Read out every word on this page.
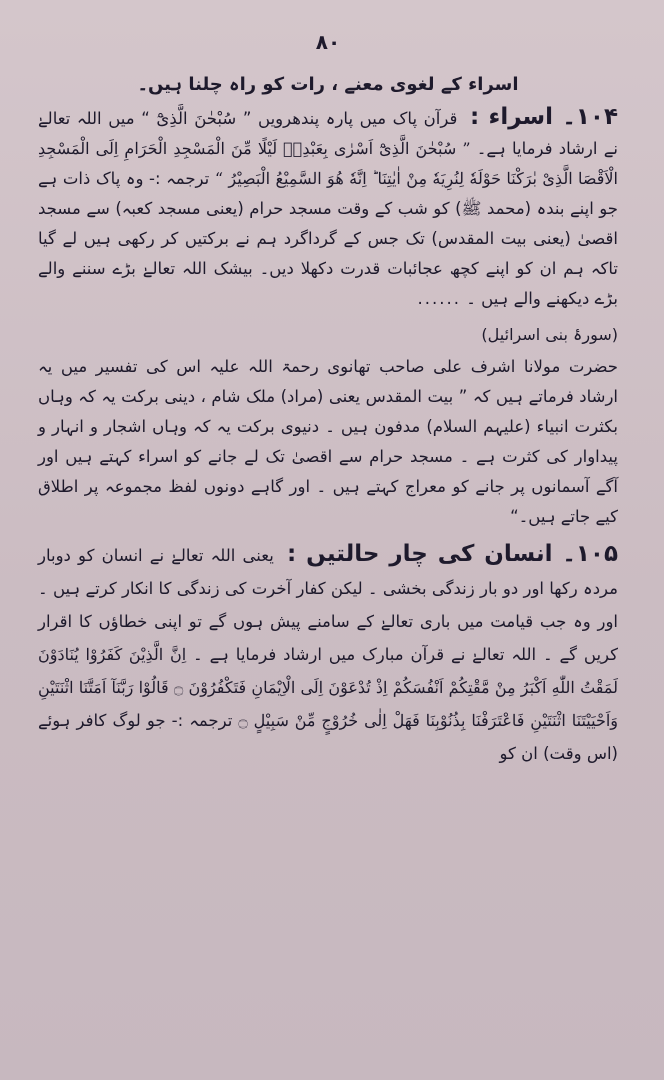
۸۰
اسراء کے لغوی معنے ، رات کو راہ چلنا ہیں۔

۱۰۴۔ اسراء : قرآن پاک میں پارہ پندھرویں ” سُبْحٰنَ الَّذِیْٓ “ میں اللہ تعالےٰ نے ارشاد فرمایا ہے۔ ” سُبْحٰنَ الَّذِیْٓ اَسْرٰی بِعَبْدِهٖ لَیْلًا مِّنَ الْمَسْجِدِ الْحَرَامِ اِلَی الْمَسْجِدِ الْاَقْصَا الَّذِیْ بٰرَكْنَا حَوْلَهٗ لِنُرِیَهٗ مِنْ اٰیٰتِنَا ؕ اِنَّهٗ هُوَ السَّمِیْعُ الْبَصِیْرُ “ ترجمہ :- وہ پاک ذات ہے جو اپنے بندہ (محمد ﷺ) کو شب کے وقت مسجد حرام (یعنی مسجد کعبہ) سے مسجد اقصیٰ (یعنی بیت المقدس) تک جس کے گرداگرد ہم نے برکتیں کر رکھی ہیں لے گیا تاکہ ہم ان کو اپنے کچھ عجائبات قدرت دکھلا دیں۔ بیشک اللہ تعالےٰ بڑے سننے والے بڑے دیکھنے والے ہیں ۔ ......

(سورۂ بنی اسرائیل)

حضرت مولانا اشرف علی صاحب تھانوی رحمۃ اللہ علیہ اس کی تفسیر میں یہ ارشاد فرماتے ہیں کہ ” بیت المقدس یعنی (مراد) ملک شام ، دینی برکت یہ کہ وہاں بکثرت انبیاء (علیہم السلام) مدفون ہیں ۔ دنیوی برکت یہ کہ وہاں اشجار و انہار و پیداوار کی کثرت ہے ۔ مسجد حرام سے اقصیٰ تک لے جانے کو اسراء کہتے ہیں اور آگے آسمانوں پر جانے کو معراج کہتے ہیں ۔ اور گاہے دونوں لفظ مجموعہ پر اطلاق کیے جاتے ہیں۔“

۱۰۵۔ انسان کی چار حالتیں : یعنی اللہ تعالےٰ نے انسان کو دوبار مردہ رکھا اور دو بار زندگی بخشی ۔ لیکن کفار آخرت کی زندگی کا انکار کرتے ہیں ۔ اور وہ جب قیامت میں باری تعالےٰ کے سامنے پیش ہوں گے تو اپنی خطاؤں کا اقرار کریں گے ۔ اللہ تعالےٰ نے قرآن مبارک میں ارشاد فرمایا ہے ۔ اِنَّ الَّذِیْنَ كَفَرُوْا یُنَادَوْنَ لَمَقْتُ اللّٰهِ اَكْبَرُ مِنْ مَّقْتِكُمْ اَنْفُسَكُمْ اِذْ تُدْعَوْنَ اِلَی الْاِیْمَانِ فَتَكْفُرُوْنَ ۝ قَالُوْا رَبَّنَآ اَمَتَّنَا اثْنَتَیْنِ وَاَحْیَیْتَنَا اثْنَتَیْنِ فَاعْتَرَفْنَا بِذُنُوْبِنَا فَهَلْ اِلٰی خُرُوْجٍ مِّنْ سَبِیْلٍ ۝ ترجمہ :- جو لوگ کافر ہوئے (اس وقت) ان کو
